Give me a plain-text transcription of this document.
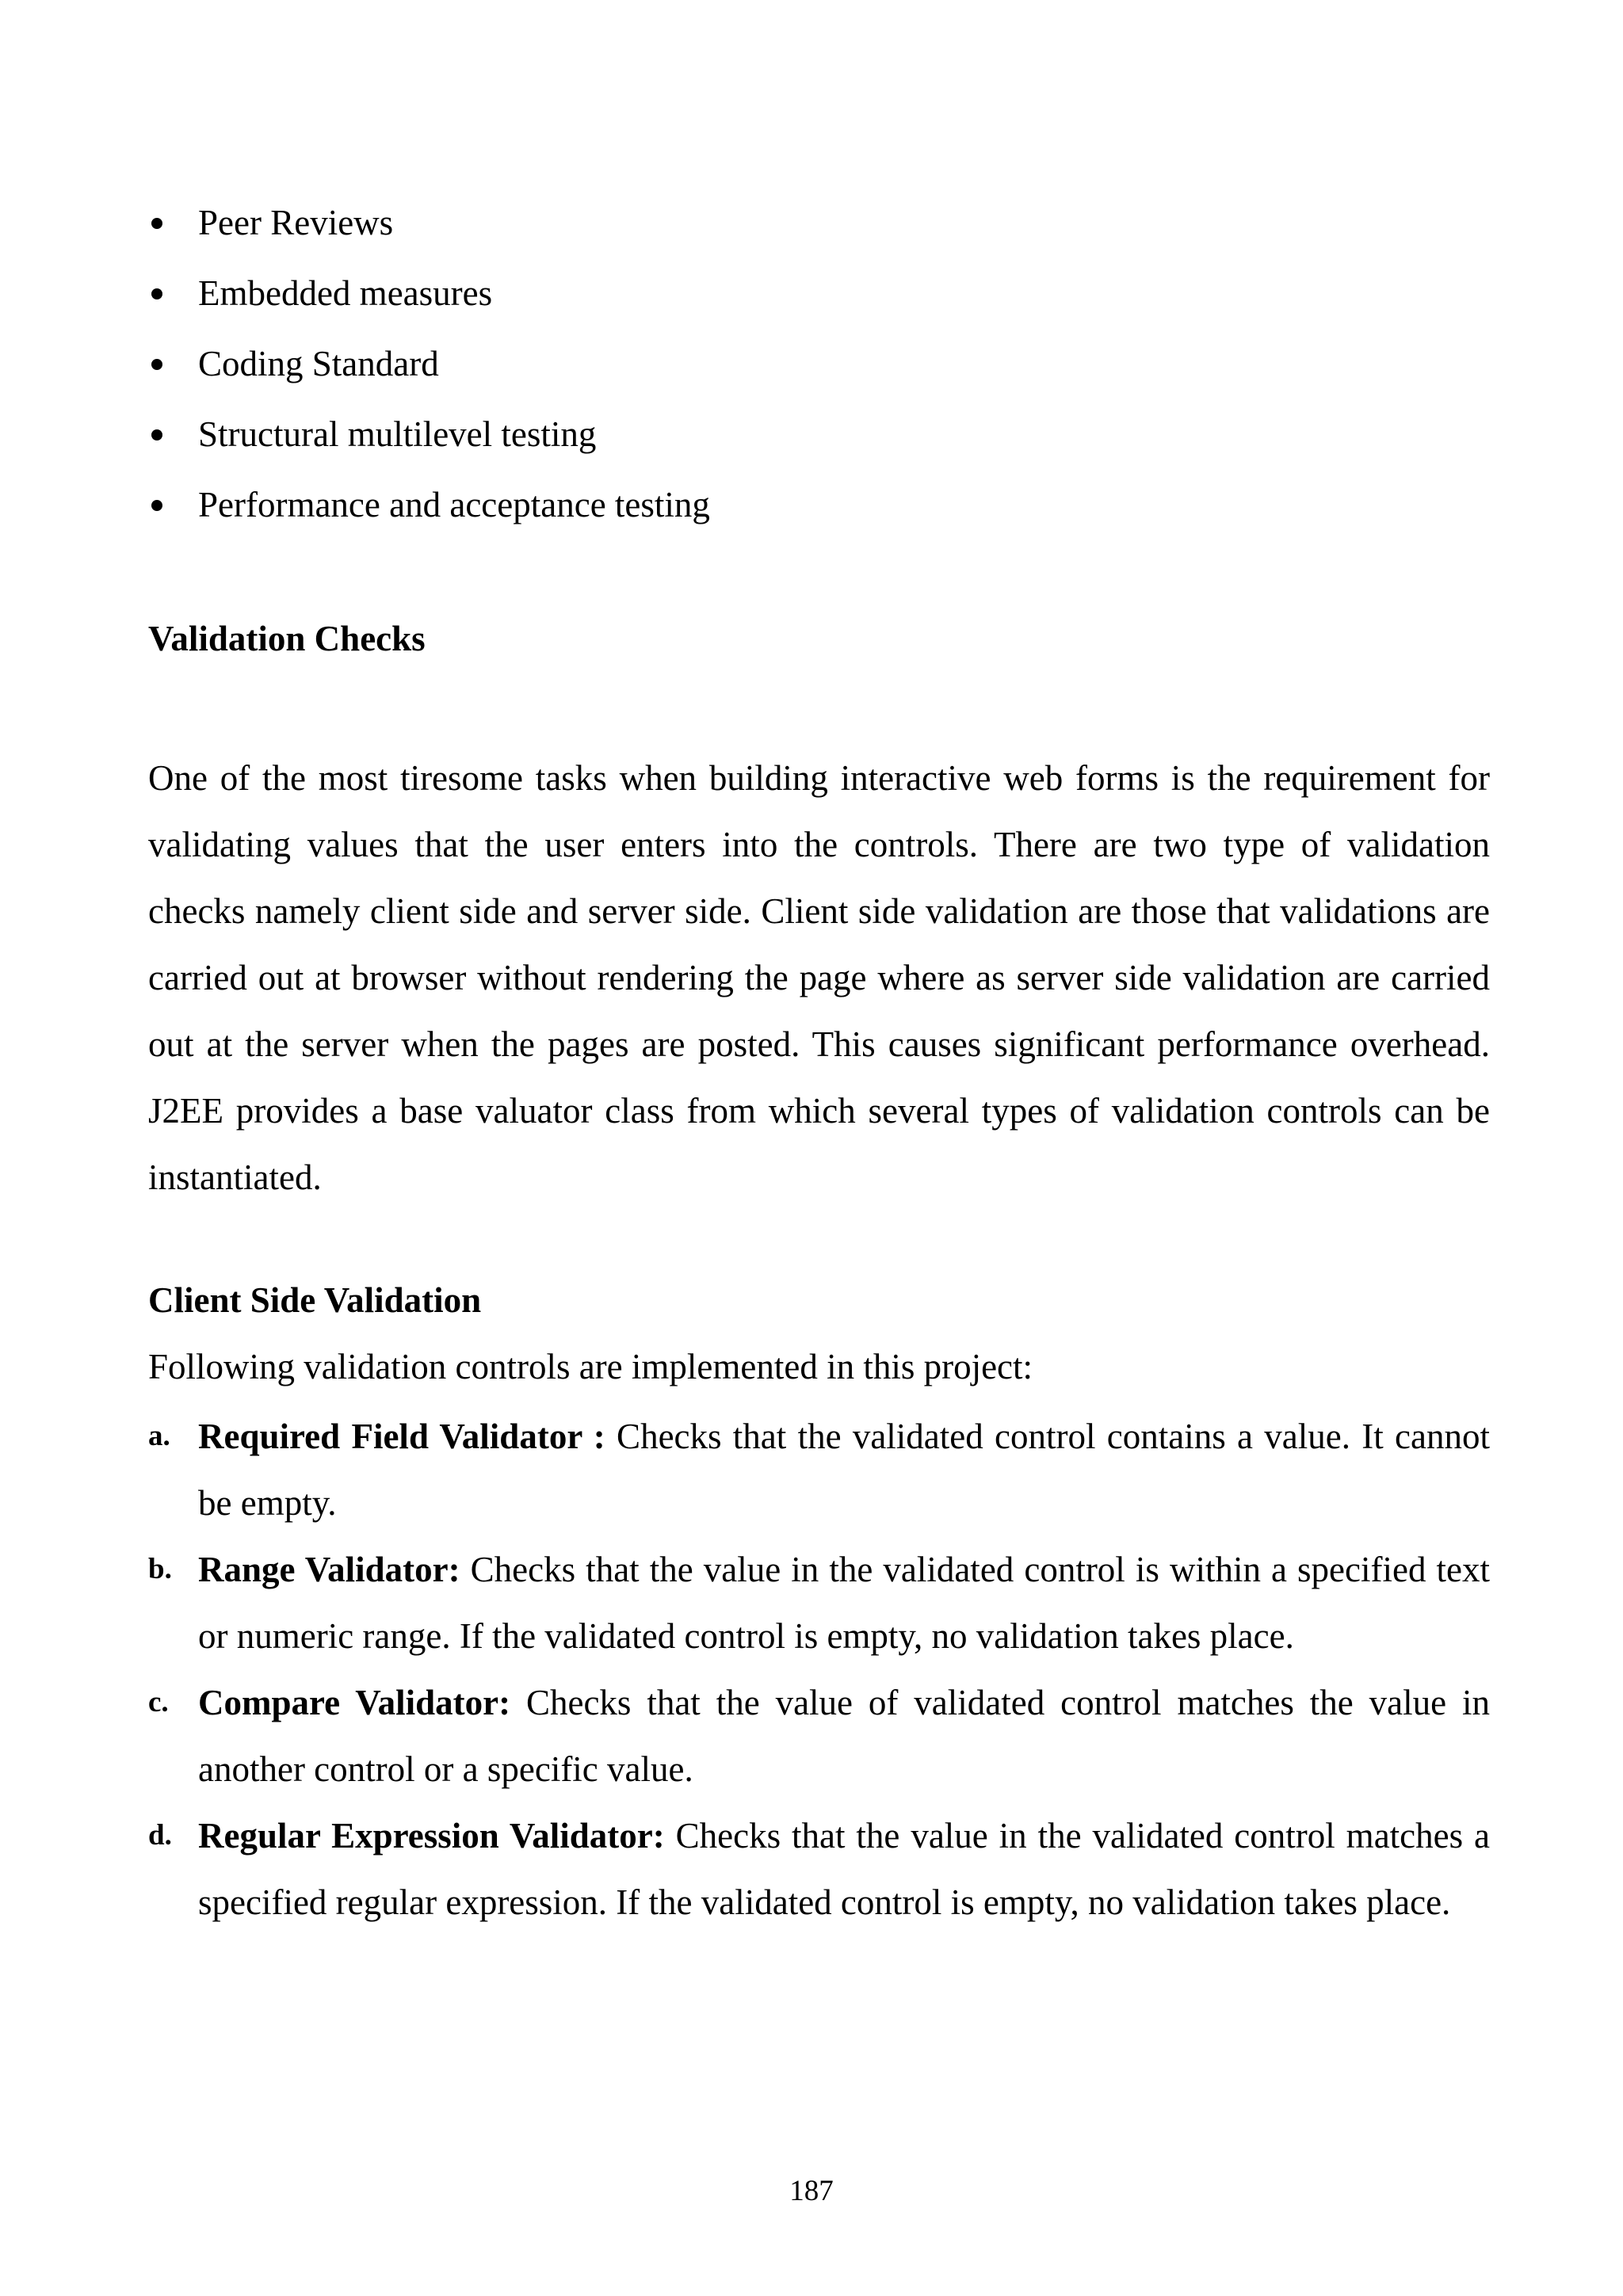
Peer Reviews
Embedded measures
Coding Standard
Structural multilevel testing
Performance and acceptance testing
Validation Checks

One of the most tiresome tasks when building interactive web forms is the requirement for validating values that the user enters into the controls. There are two type of validation checks namely client side and server side. Client side validation are those that validations are carried out at browser without rendering the page where as server side validation are carried out at the server when the pages are posted. This causes significant performance overhead. J2EE provides a base valuator class from which several types of validation controls can be instantiated.

Client Side Validation
Following validation controls are implemented in this project:
a. Required Field Validator : Checks that the validated control contains a value. It cannot be empty.
b. Range Validator: Checks that the value in the validated control is within a specified text or numeric range. If the validated control is empty, no validation takes place.
c. Compare Validator: Checks that the value of validated control matches the value in another control or a specific value.
d. Regular Expression Validator: Checks that the value in the validated control matches a specified regular expression. If the validated control is empty, no validation takes place.
187
